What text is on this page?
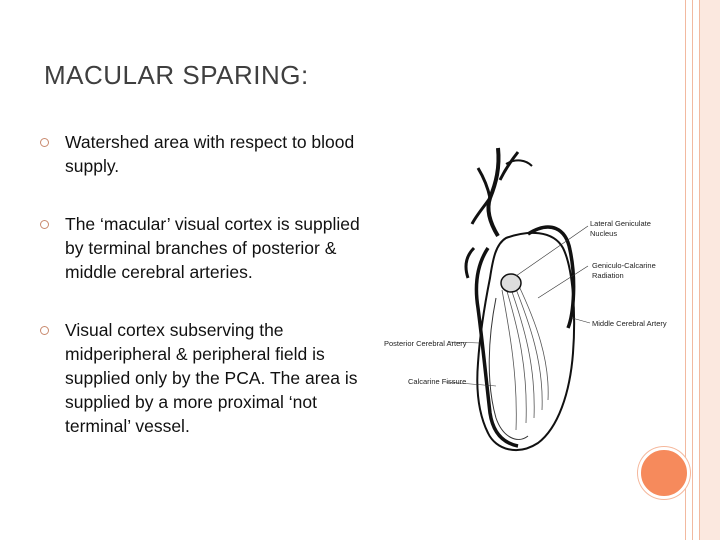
MACULAR SPARING:
Watershed area with respect to blood supply.
The ‘macular’ visual cortex is supplied by terminal branches of posterior & middle cerebral arteries.
Visual cortex subserving the midperipheral & peripheral field is supplied only by the PCA. The area is supplied by a more proximal ‘not terminal’ vessel.
Lateral Geniculate
Nucleus
Geniculo-Calcarine
Radiation
Middle Cerebral Artery
Posterior Cerebral Artery
Calcarine Fissure
